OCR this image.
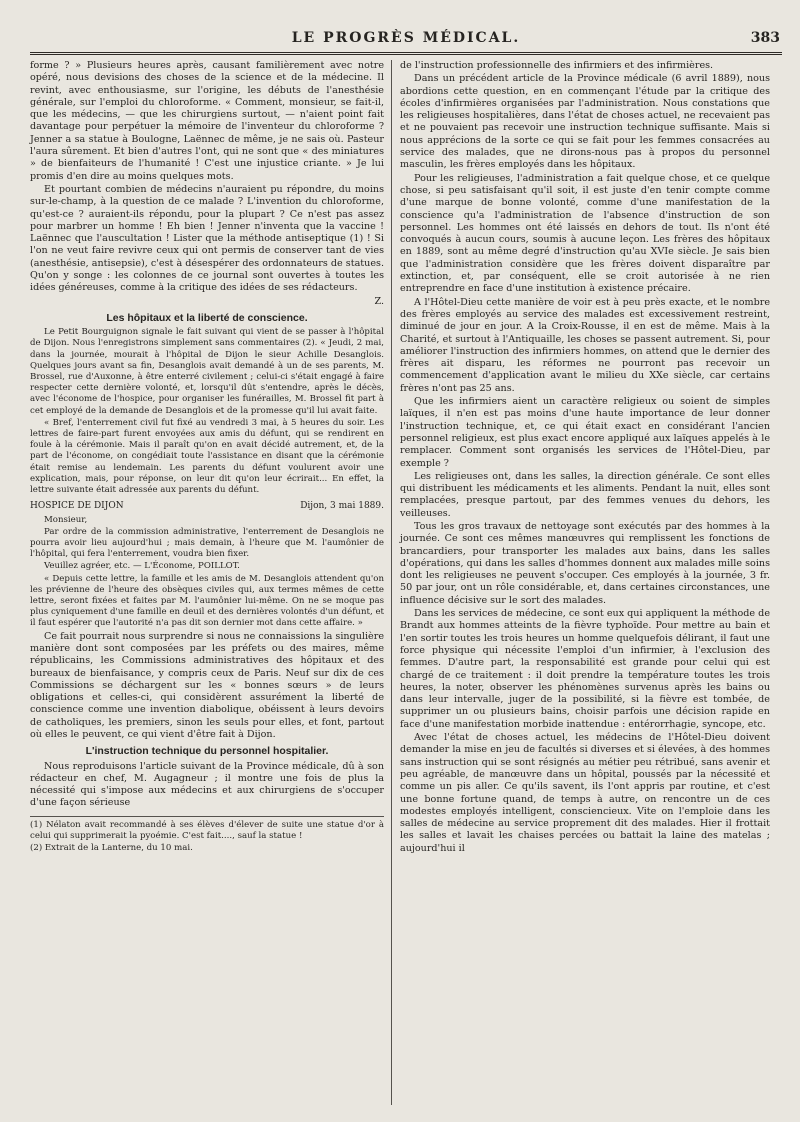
LE PROGRÈS MÉDICAL.	383

forme ? » Plusieurs heures après, causant familièrement avec notre opéré, nous devisions des choses de la science et de la médecine. Il revint, avec enthousiasme, sur l'origine, les débuts de l'anesthésie générale, sur l'emploi du chloroforme. « Comment, monsieur, se fait-il, que les médecins, — que les chirurgiens surtout, — n'aient point fait davantage pour perpétuer la mémoire de l'inventeur du chloroforme ? Jenner a sa statue à Boulogne, Laënnec de même, je ne sais où. Pasteur l'aura sûrement. Et bien d'autres l'ont, qui ne sont que « des miniatures » de bienfaiteurs de l'humanité ! C'est une injustice criante. » Je lui promis d'en dire au moins quelques mots.

Et pourtant combien de médecins n'auraient pu répondre, du moins sur-le-champ, à la question de ce malade ? L'invention du chloroforme, qu'est-ce ? auraient-ils répondu, pour la plupart ? Ce n'est pas assez pour marbrer un homme ! Eh bien ! Jenner n'inventa que la vaccine ! Laënnec que l'auscultation ! Lister que la méthode antiseptique (1) ! Si l'on ne veut faire revivre ceux qui ont permis de conserver tant de vies (anesthésie, antisepsie), c'est à désespérer des ordonnateurs de statues. Qu'on y songe : les colonnes de ce journal sont ouvertes à toutes les idées généreuses, comme à la critique des idées de ses rédacteurs.

Z.
Les hôpitaux et la liberté de conscience.

Le Petit Bourguignon signale le fait suivant qui vient de se passer à l'hôpital de Dijon. Nous l'enregistrons simplement sans commentaires (2). « Jeudi, 2 mai, dans la journée, mourait à l'hôpital de Dijon le sieur Achille Desanglois. Quelques jours avant sa fin, Desanglois avait demandé à un de ses parents, M. Brossel, rue d'Auxonne, à être enterré civilement ; celui-ci s'était engagé à faire respecter cette dernière volonté, et, lorsqu'il dût s'entendre, après le décès, avec l'économe de l'hospice, pour organiser les funérailles, M. Brossel fit part à cet employé de la demande de Desanglois et de la promesse qu'il lui avait faite.

« Bref, l'enterrement civil fut fixé au vendredi 3 mai, à 5 heures du soir. Les lettres de faire-part furent envoyées aux amis du défunt, qui se rendirent en foule à la cérémonie. Mais il paraît qu'on en avait décidé autrement, et, de la part de l'économe, on congédiait toute l'assistance en disant que la cérémonie était remise au lendemain. Les parents du défunt voulurent avoir une explication, mais, pour réponse, on leur dit qu'on leur écrirait... En effet, la lettre suivante était adressée aux parents du défunt.

HOSPICE DE DIJON	Dijon, 3 mai 1889.

Monsieur,

Par ordre de la commission administrative, l'enterrement de Desanglois ne pourra avoir lieu aujourd'hui ; mais demain, à l'heure que M. l'aumônier de l'hôpital, qui fera l'enterrement, voudra bien fixer.

Veuillez agréer, etc. — L'Économe, POILLOT.

« Depuis cette lettre, la famille et les amis de M. Desanglois attendent qu'on les prévienne de l'heure des obsèques civiles qui, aux termes mêmes de cette lettre, seront fixées et faites par M. l'aumônier lui-même. On ne se moque pas plus cyniquement d'une famille en deuil et des dernières volontés d'un défunt, et il faut espérer que l'autorité n'a pas dit son dernier mot dans cette affaire. »

Ce fait pourrait nous surprendre si nous ne connaissions la singulière manière dont sont composées par les préfets ou des maires, même républicains, les Commissions administratives des hôpitaux et des bureaux de bienfaisance, y compris ceux de Paris. Neuf sur dix de ces Commissions se déchargent sur les « bonnes sœurs » de leurs obligations et celles-ci, qui considèrent assurément la liberté de conscience comme une invention diabolique, obéissent à leurs devoirs de catholiques, les premiers, sinon les seuls pour elles, et font, partout où elles le peuvent, ce qui vient d'être fait à Dijon.

L'instruction technique du personnel hospitalier.

Nous reproduisons l'article suivant de la Province médicale, dû à son rédacteur en chef, M. Augagneur ; il montre une fois de plus la nécessité qui s'impose aux médecins et aux chirurgiens de s'occuper d'une façon sérieuse

(1) Nélaton avait recommandé à ses élèves d'élever de suite une statue d'or à celui qui supprimerait la pyoémie. C'est fait...., sauf la statue !

(2) Extrait de la Lanterne, du 10 mai.

de l'instruction professionnelle des infirmiers et des infirmières.

Dans un précédent article de la Province médicale (6 avril 1889), nous abordions cette question, en en commençant l'étude par la critique des écoles d'infirmières organisées par l'administration. Nous constations que les religieuses hospitalières, dans l'état de choses actuel, ne recevaient pas et ne pouvaient pas recevoir une instruction technique suffisante. Mais si nous apprécions de la sorte ce qui se fait pour les femmes consacrées au service des malades, que ne dirons-nous pas à propos du personnel masculin, les frères employés dans les hôpitaux.

Pour les religieuses, l'administration a fait quelque chose, et ce quelque chose, si peu satisfaisant qu'il soit, il est juste d'en tenir compte comme d'une marque de bonne volonté, comme d'une manifestation de la conscience qu'a l'administration de l'absence d'instruction de son personnel. Les hommes ont été laissés en dehors de tout. Ils n'ont été convoqués à aucun cours, soumis à aucune leçon. Les frères des hôpitaux en 1889, sont au même degré d'instruction qu'au XVIe siècle. Je sais bien que l'administration considère que les frères doivent disparaître par extinction, et, par conséquent, elle se croit autorisée à ne rien entreprendre en face d'une institution à existence précaire.

A l'Hôtel-Dieu cette manière de voir est à peu près exacte, et le nombre des frères employés au service des malades est excessivement restreint, diminué de jour en jour. A la Croix-Rousse, il en est de même. Mais à la Charité, et surtout à l'Antiquaille, les choses se passent autrement. Si, pour améliorer l'instruction des infirmiers hommes, on attend que le dernier des frères ait disparu, les réformes ne pourront pas recevoir un commencement d'application avant le milieu du XXe siècle, car certains frères n'ont pas 25 ans.

Que les infirmiers aient un caractère religieux ou soient de simples laïques, il n'en est pas moins d'une haute importance de leur donner l'instruction technique, et, ce qui était exact en considérant l'ancien personnel religieux, est plus exact encore appliqué aux laïques appelés à le remplacer. Comment sont organisés les services de l'Hôtel-Dieu, par exemple ?

Les religieuses ont, dans les salles, la direction générale. Ce sont elles qui distribuent les médicaments et les aliments. Pendant la nuit, elles sont remplacées, presque partout, par des femmes venues du dehors, les veilleuses.

Tous les gros travaux de nettoyage sont exécutés par des hommes à la journée. Ce sont ces mêmes manœuvres qui remplissent les fonctions de brancardiers, pour transporter les malades aux bains, dans les salles d'opérations, qui dans les salles d'hommes donnent aux malades mille soins dont les religieuses ne peuvent s'occuper. Ces employés à la journée, 3 fr. 50 par jour, ont un rôle considérable, et, dans certaines circonstances, une influence décisive sur le sort des malades.

Dans les services de médecine, ce sont eux qui appliquent la méthode de Brandt aux hommes atteints de la fièvre typhoïde. Pour mettre au bain et l'en sortir toutes les trois heures un homme quelquefois délirant, il faut une force physique qui nécessite l'emploi d'un infirmier, à l'exclusion des femmes. D'autre part, la responsabilité est grande pour celui qui est chargé de ce traitement : il doit prendre la température toutes les trois heures, la noter, observer les phénomènes survenus après les bains ou dans leur intervalle, juger de la possibilité, si la fièvre est tombée, de supprimer un ou plusieurs bains, choisir parfois une décision rapide en face d'une manifestation morbide inattendue : entérorrhagie, syncope, etc.

Avec l'état de choses actuel, les médecins de l'Hôtel-Dieu doivent demander la mise en jeu de facultés si diverses et si élevées, à des hommes sans instruction qui se sont résignés au métier peu rétribué, sans avenir et peu agréable, de manœuvre dans un hôpital, poussés par la nécessité et comme un pis aller. Ce qu'ils savent, ils l'ont appris par routine, et c'est une bonne fortune quand, de temps à autre, on rencontre un de ces modestes employés intelligent, consciencieux. Vite on l'emploie dans les salles de médecine au service proprement dit des malades. Hier il frottait les salles et lavait les chaises percées ou battait la laine des matelas ; aujourd'hui il
